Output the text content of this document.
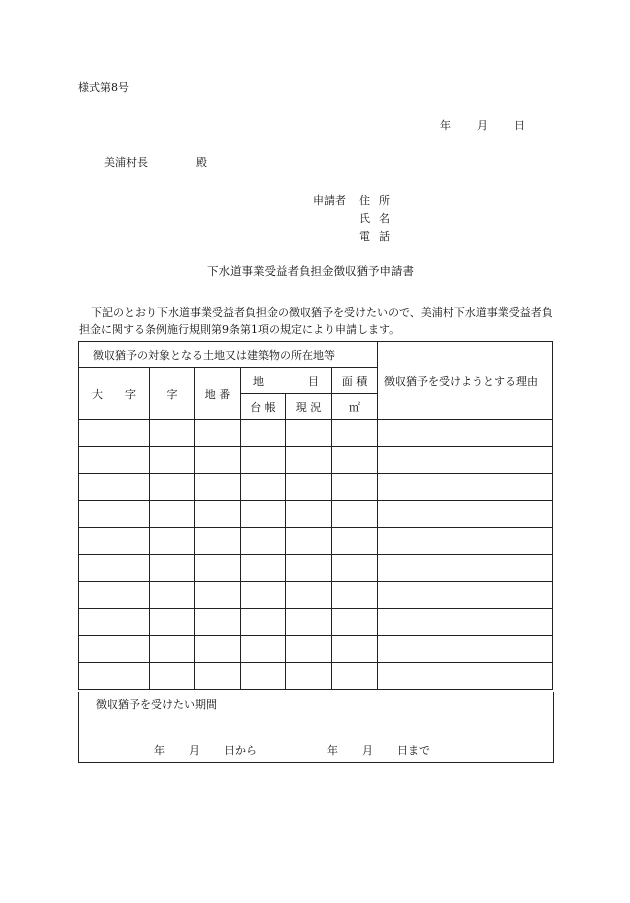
様式第8号
年 月 日
美浦村長	殿
申請者 住 所
氏 名
電 話
下水道事業受益者負担金徴収猶予申請書
下記のとおり下水道事業受益者負担金の徴収猶予を受けたいので、美浦村下水道事業受益者負担金に関する条例施行規則第9条第1項の規定により申請します。
徴収猶予の対象となる土地又は建築物の所在地等						徴収猶予を受けようとする理由
大　　字	字	地 番	地 目		面 積	
			台 帳	現 況	㎡	

徴収猶予を受けたい期間
年 月 日から	年 月 日まで
